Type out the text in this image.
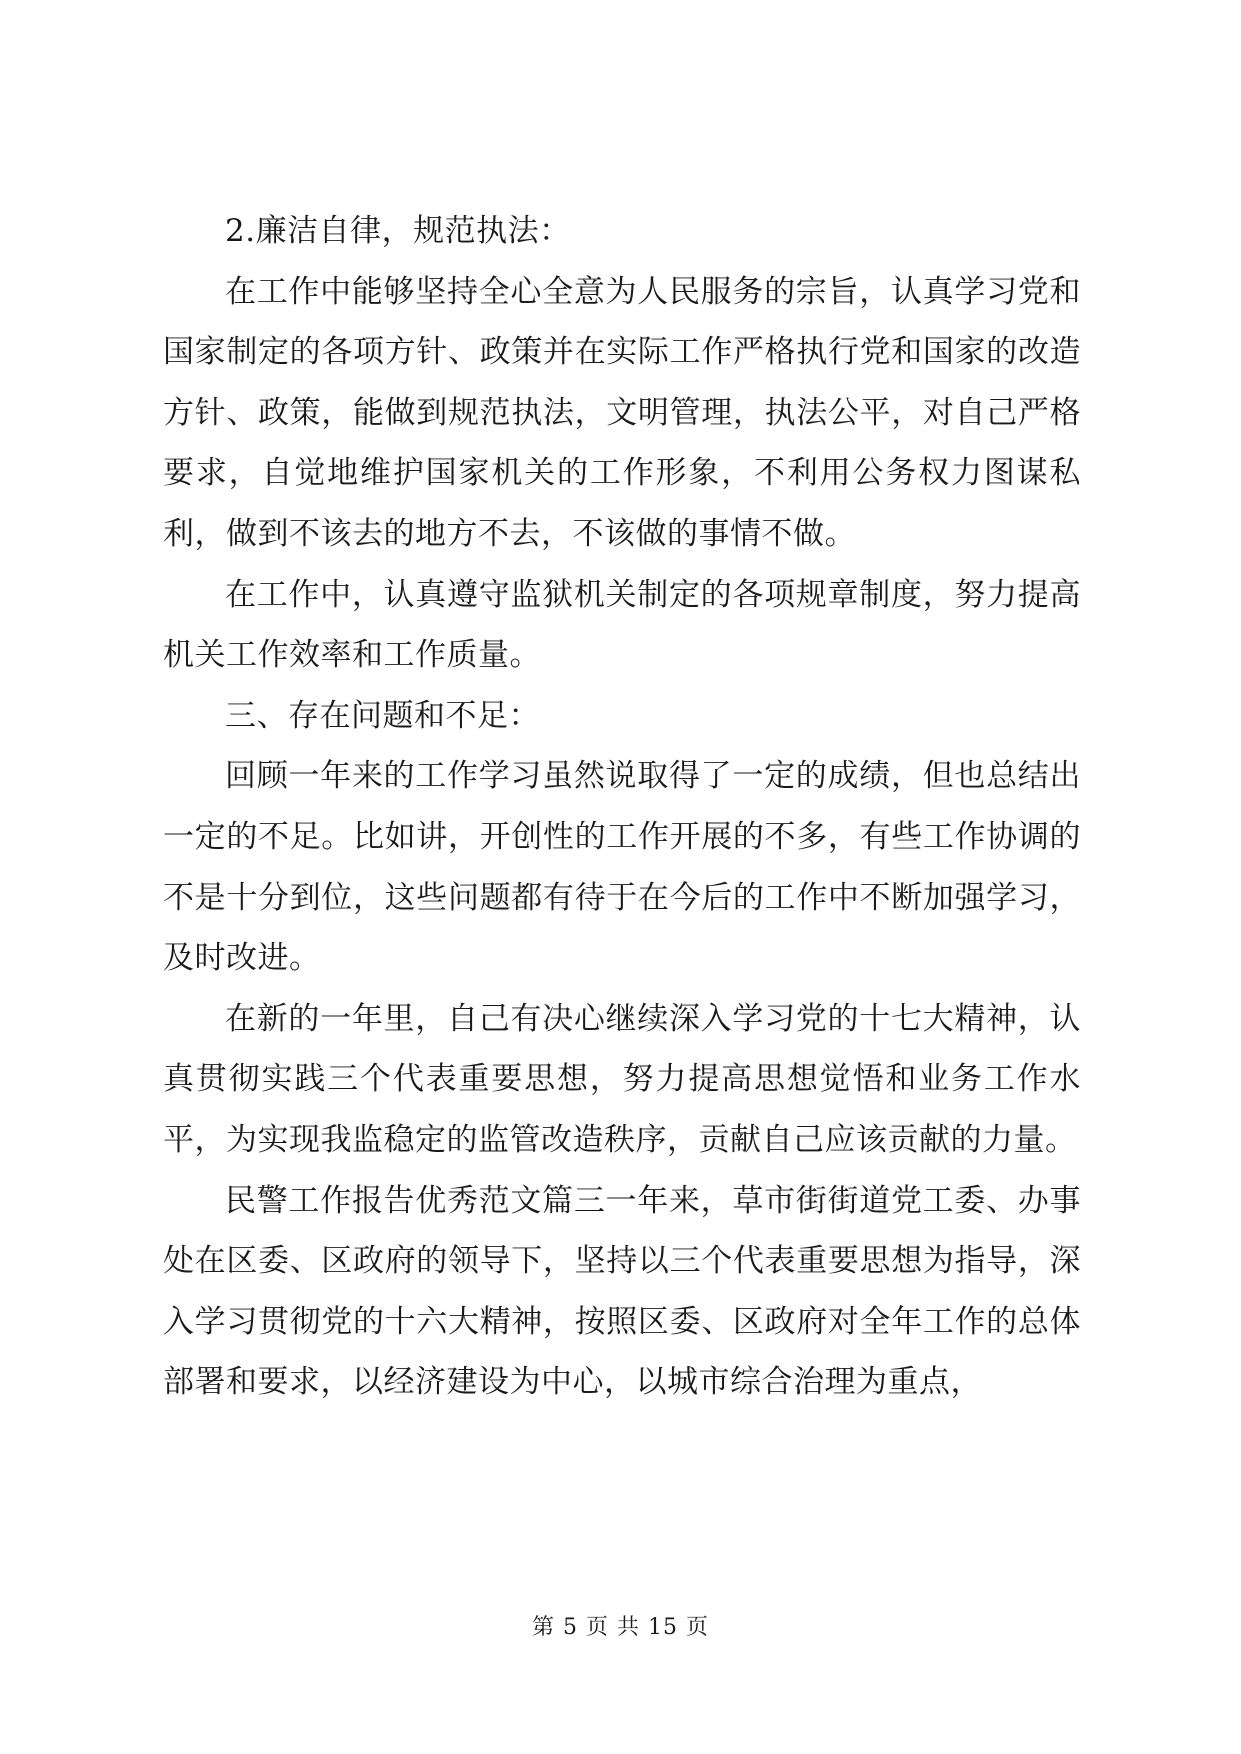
2.廉洁自律，规范执法：

在工作中能够坚持全心全意为人民服务的宗旨，认真学习党和国家制定的各项方针、政策并在实际工作严格执行党和国家的改造方针、政策，能做到规范执法，文明管理，执法公平，对自己严格要求，自觉地维护国家机关的工作形象，不利用公务权力图谋私利，做到不该去的地方不去，不该做的事情不做。

在工作中，认真遵守监狱机关制定的各项规章制度，努力提高机关工作效率和工作质量。

三、存在问题和不足：

回顾一年来的工作学习虽然说取得了一定的成绩，但也总结出一定的不足。比如讲，开创性的工作开展的不多，有些工作协调的不是十分到位，这些问题都有待于在今后的工作中不断加强学习，及时改进。

在新的一年里，自己有决心继续深入学习党的十七大精神，认真贯彻实践三个代表重要思想，努力提高思想觉悟和业务工作水平，为实现我监稳定的监管改造秩序，贡献自己应该贡献的力量。

民警工作报告优秀范文篇三一年来，草市街街道党工委、办事处在区委、区政府的领导下，坚持以三个代表重要思想为指导，深入学习贯彻党的十六大精神，按照区委、区政府对全年工作的总体部署和要求，以经济建设为中心，以城市综合治理为重点，

第 5 页 共 15 页
